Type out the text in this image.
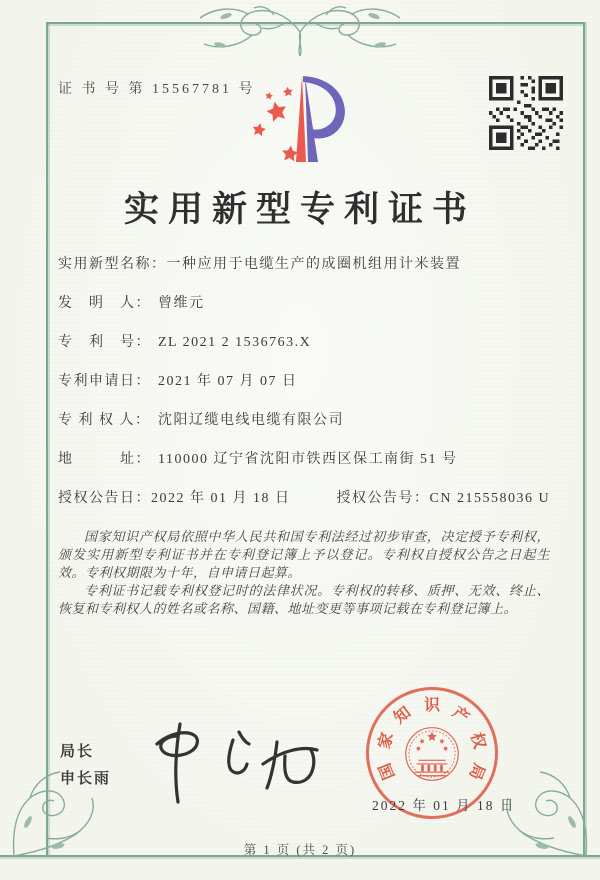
证 书 号 第 15567781 号
实用新型专利证书
实用新型名称：一种应用于电缆生产的成圈机组用计米装置
发　明　人： 曾维元
专　利　号： ZL 2021 2 1536763.X
专利申请日： 2021 年 07 月 07 日
专 利 权 人： 沈阳辽缆电线电缆有限公司
地　　　址： 110000 辽宁省沈阳市铁西区保工南街 51 号
授权公告日：2022 年 01 月 18 日	授权公告号：CN 215558036 U

国家知识产权局依照中华人民共和国专利法经过初步审查，决定授予专利权，颁发实用新型专利证书并在专利登记簿上予以登记。专利权自授权公告之日起生效。专利权期限为十年，自申请日起算。

专利证书记载专利权登记时的法律状况。专利权的转移、质押、无效、终止、恢复和专利权人的姓名或名称、国籍、地址变更等事项记载在专利登记簿上。

局长
申长雨	国
家
知 识 产
权
局
2022 年 01 月 18 日
第 1 页 (共 2 页)
